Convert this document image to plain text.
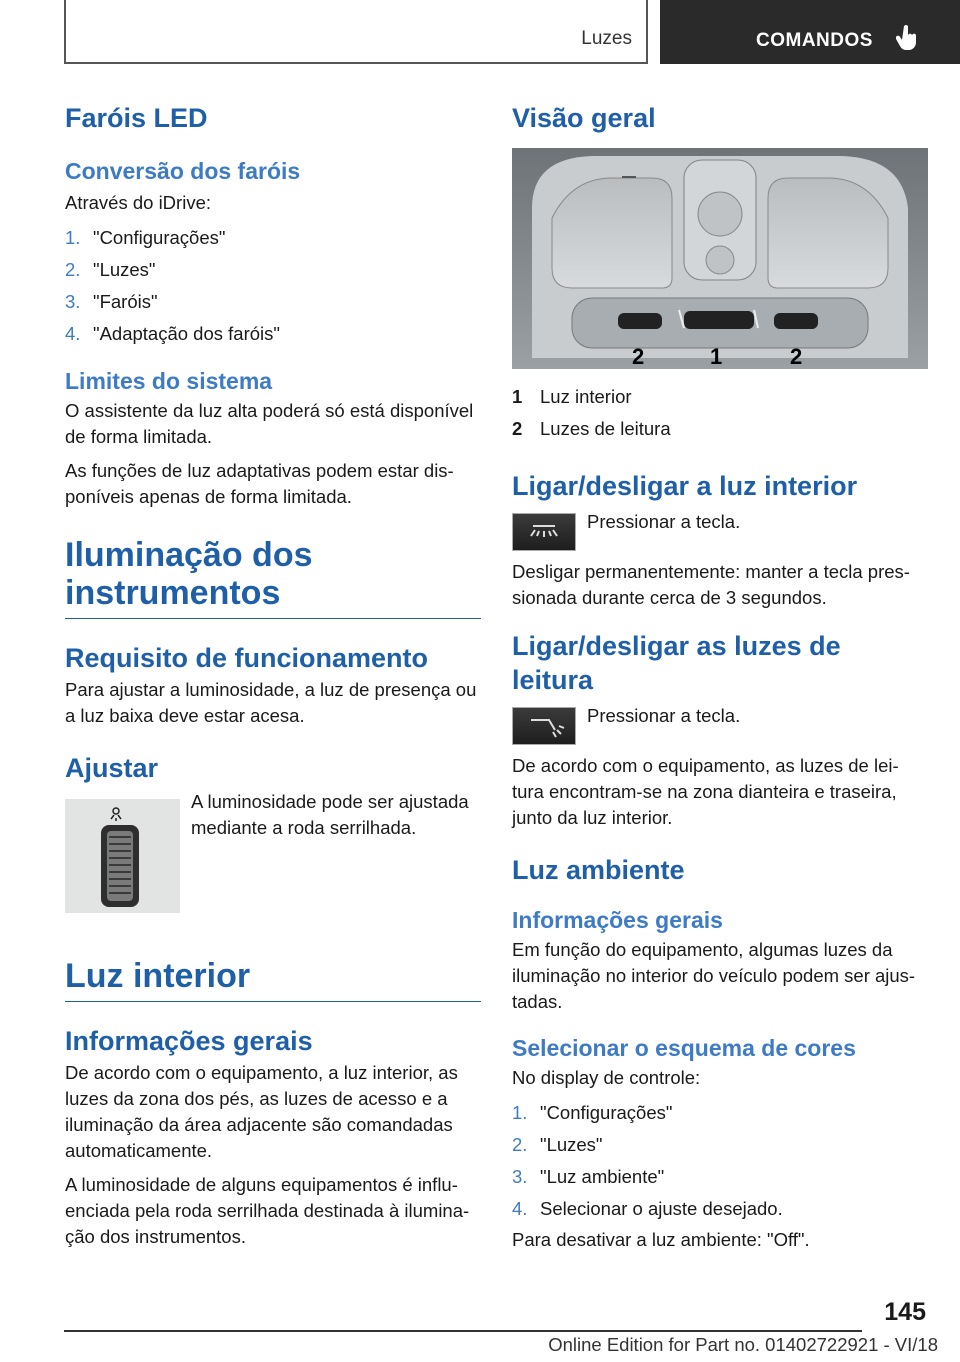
Luzes	COMANDOS
Faróis LED
Conversão dos faróis

Através do iDrive:

1. "Configurações"
2. "Luzes"
3. "Faróis"
4. "Adaptação dos faróis"
Limites do sistema

O assistente da luz alta poderá só está disponível de forma limitada.

As funções de luz adaptativas podem estar dis-poníveis apenas de forma limitada.

Iluminação dos
instrumentos
Requisito de funcionamento

Para ajustar a luminosidade, a luz de presença ou a luz baixa deve estar acesa.

Ajustar

A luminosidade pode ser ajustada mediante a roda serrilhada.

Luz interior
Informações gerais

De acordo com o equipamento, a luz interior, as luzes da zona dos pés, as luzes de acesso e a iluminação da área adjacente são comandadas automaticamente.

A luminosidade de alguns equipamentos é influ-enciada pela roda serrilhada destinada à ilumina-ção dos instrumentos.

Visão geral
2	1	2
1 Luz interior
2 Luzes de leitura
Ligar/desligar a luz interior

Pressionar a tecla.

Desligar permanentemente: manter a tecla pres-sionada durante cerca de 3 segundos.

Ligar/desligar as luzes de leitura

Pressionar a tecla.

De acordo com o equipamento, as luzes de lei-tura encontram-se na zona dianteira e traseira, junto da luz interior.

Luz ambiente
Informações gerais

Em função do equipamento, algumas luzes da iluminação no interior do veículo podem ser ajus-tadas.

Selecionar o esquema de cores

No display de controle:

1. "Configurações"
2. "Luzes"
3. "Luz ambiente"
4. Selecionar o ajuste desejado.

Para desativar a luz ambiente: "Off".

145
Online Edition for Part no. 01402722921 - VI/18
